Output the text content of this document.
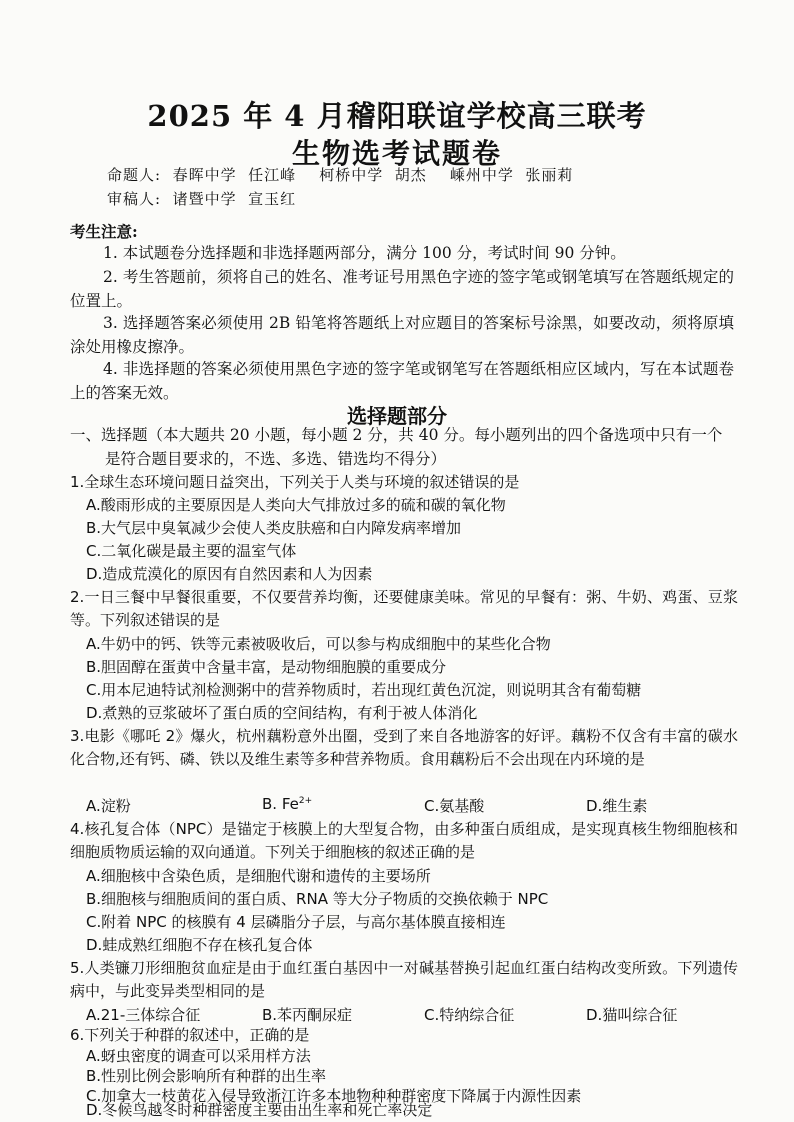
2025 年 4 月稽阳联谊学校高三联考
生物选考试题卷
命题人: 春晖中学  任江峰    柯桥中学  胡杰    嵊州中学  张丽莉
审稿人: 诸暨中学  宣玉红
考生注意:
1. 本试题卷分选择题和非选择题两部分，满分 100 分，考试时间 90 分钟。
2. 考生答题前，须将自己的姓名、准考证号用黑色字迹的签字笔或钢笔填写在答题纸规定的位置上。
3. 选择题答案必须使用 2B 铅笔将答题纸上对应题目的答案标号涂黑，如要改动，须将原填涂处用橡皮擦净。
4. 非选择题的答案必须使用黑色字迹的签字笔或钢笔写在答题纸相应区域内，写在本试题卷上的答案无效。
选择题部分
一、选择题（本大题共 20 小题，每小题 2 分，共 40 分。每小题列出的四个备选项中只有一个
是符合题目要求的，不选、多选、错选均不得分）
1.全球生态环境问题日益突出，下列关于人类与环境的叙述错误的是
A.酸雨形成的主要原因是人类向大气排放过多的硫和碳的氧化物
B.大气层中臭氧减少会使人类皮肤癌和白内障发病率增加
C.二氧化碳是最主要的温室气体
D.造成荒漠化的原因有自然因素和人为因素
2.一日三餐中早餐很重要，不仅要营养均衡，还要健康美味。常见的早餐有：粥、牛奶、鸡蛋、豆浆等。下列叙述错误的是
A.牛奶中的钙、铁等元素被吸收后，可以参与构成细胞中的某些化合物
B.胆固醇在蛋黄中含量丰富，是动物细胞膜的重要成分
C.用本尼迪特试剂检测粥中的营养物质时，若出现红黄色沉淀，则说明其含有葡萄糖
D.煮熟的豆浆破坏了蛋白质的空间结构，有利于被人体消化
3.电影《哪吒 2》爆火，杭州藕粉意外出圈，受到了来自各地游客的好评。藕粉不仅含有丰富的碳水化合物,还有钙、磷、铁以及维生素等多种营养物质。食用藕粉后不会出现在内环境的是
A.淀粉	B. $Fe^{2+}$	C.氨基酸	D.维生素
4.核孔复合体（NPC）是锚定于核膜上的大型复合物，由多种蛋白质组成，是实现真核生物细胞核和细胞质物质运输的双向通道。下列关于细胞核的叙述正确的是
A.细胞核中含染色质，是细胞代谢和遗传的主要场所
B.细胞核与细胞质间的蛋白质、RNA 等大分子物质的交换依赖于 NPC
C.附着 NPC 的核膜有 4 层磷脂分子层，与高尔基体膜直接相连
D.蛙成熟红细胞不存在核孔复合体
5.人类镰刀形细胞贫血症是由于血红蛋白基因中一对碱基替换引起血红蛋白结构改变所致。下列遗传病中，与此变异类型相同的是
A.21-三体综合征	B.苯丙酮尿症	C.特纳综合征	D.猫叫综合征
6.下列关于种群的叙述中，正确的是
A.蚜虫密度的调查可以采用样方法
B.性别比例会影响所有种群的出生率
C.加拿大一枝黄花入侵导致浙江许多本地物种种群密度下降属于内源性因素
D.冬候鸟越冬时种群密度主要由出生率和死亡率决定
